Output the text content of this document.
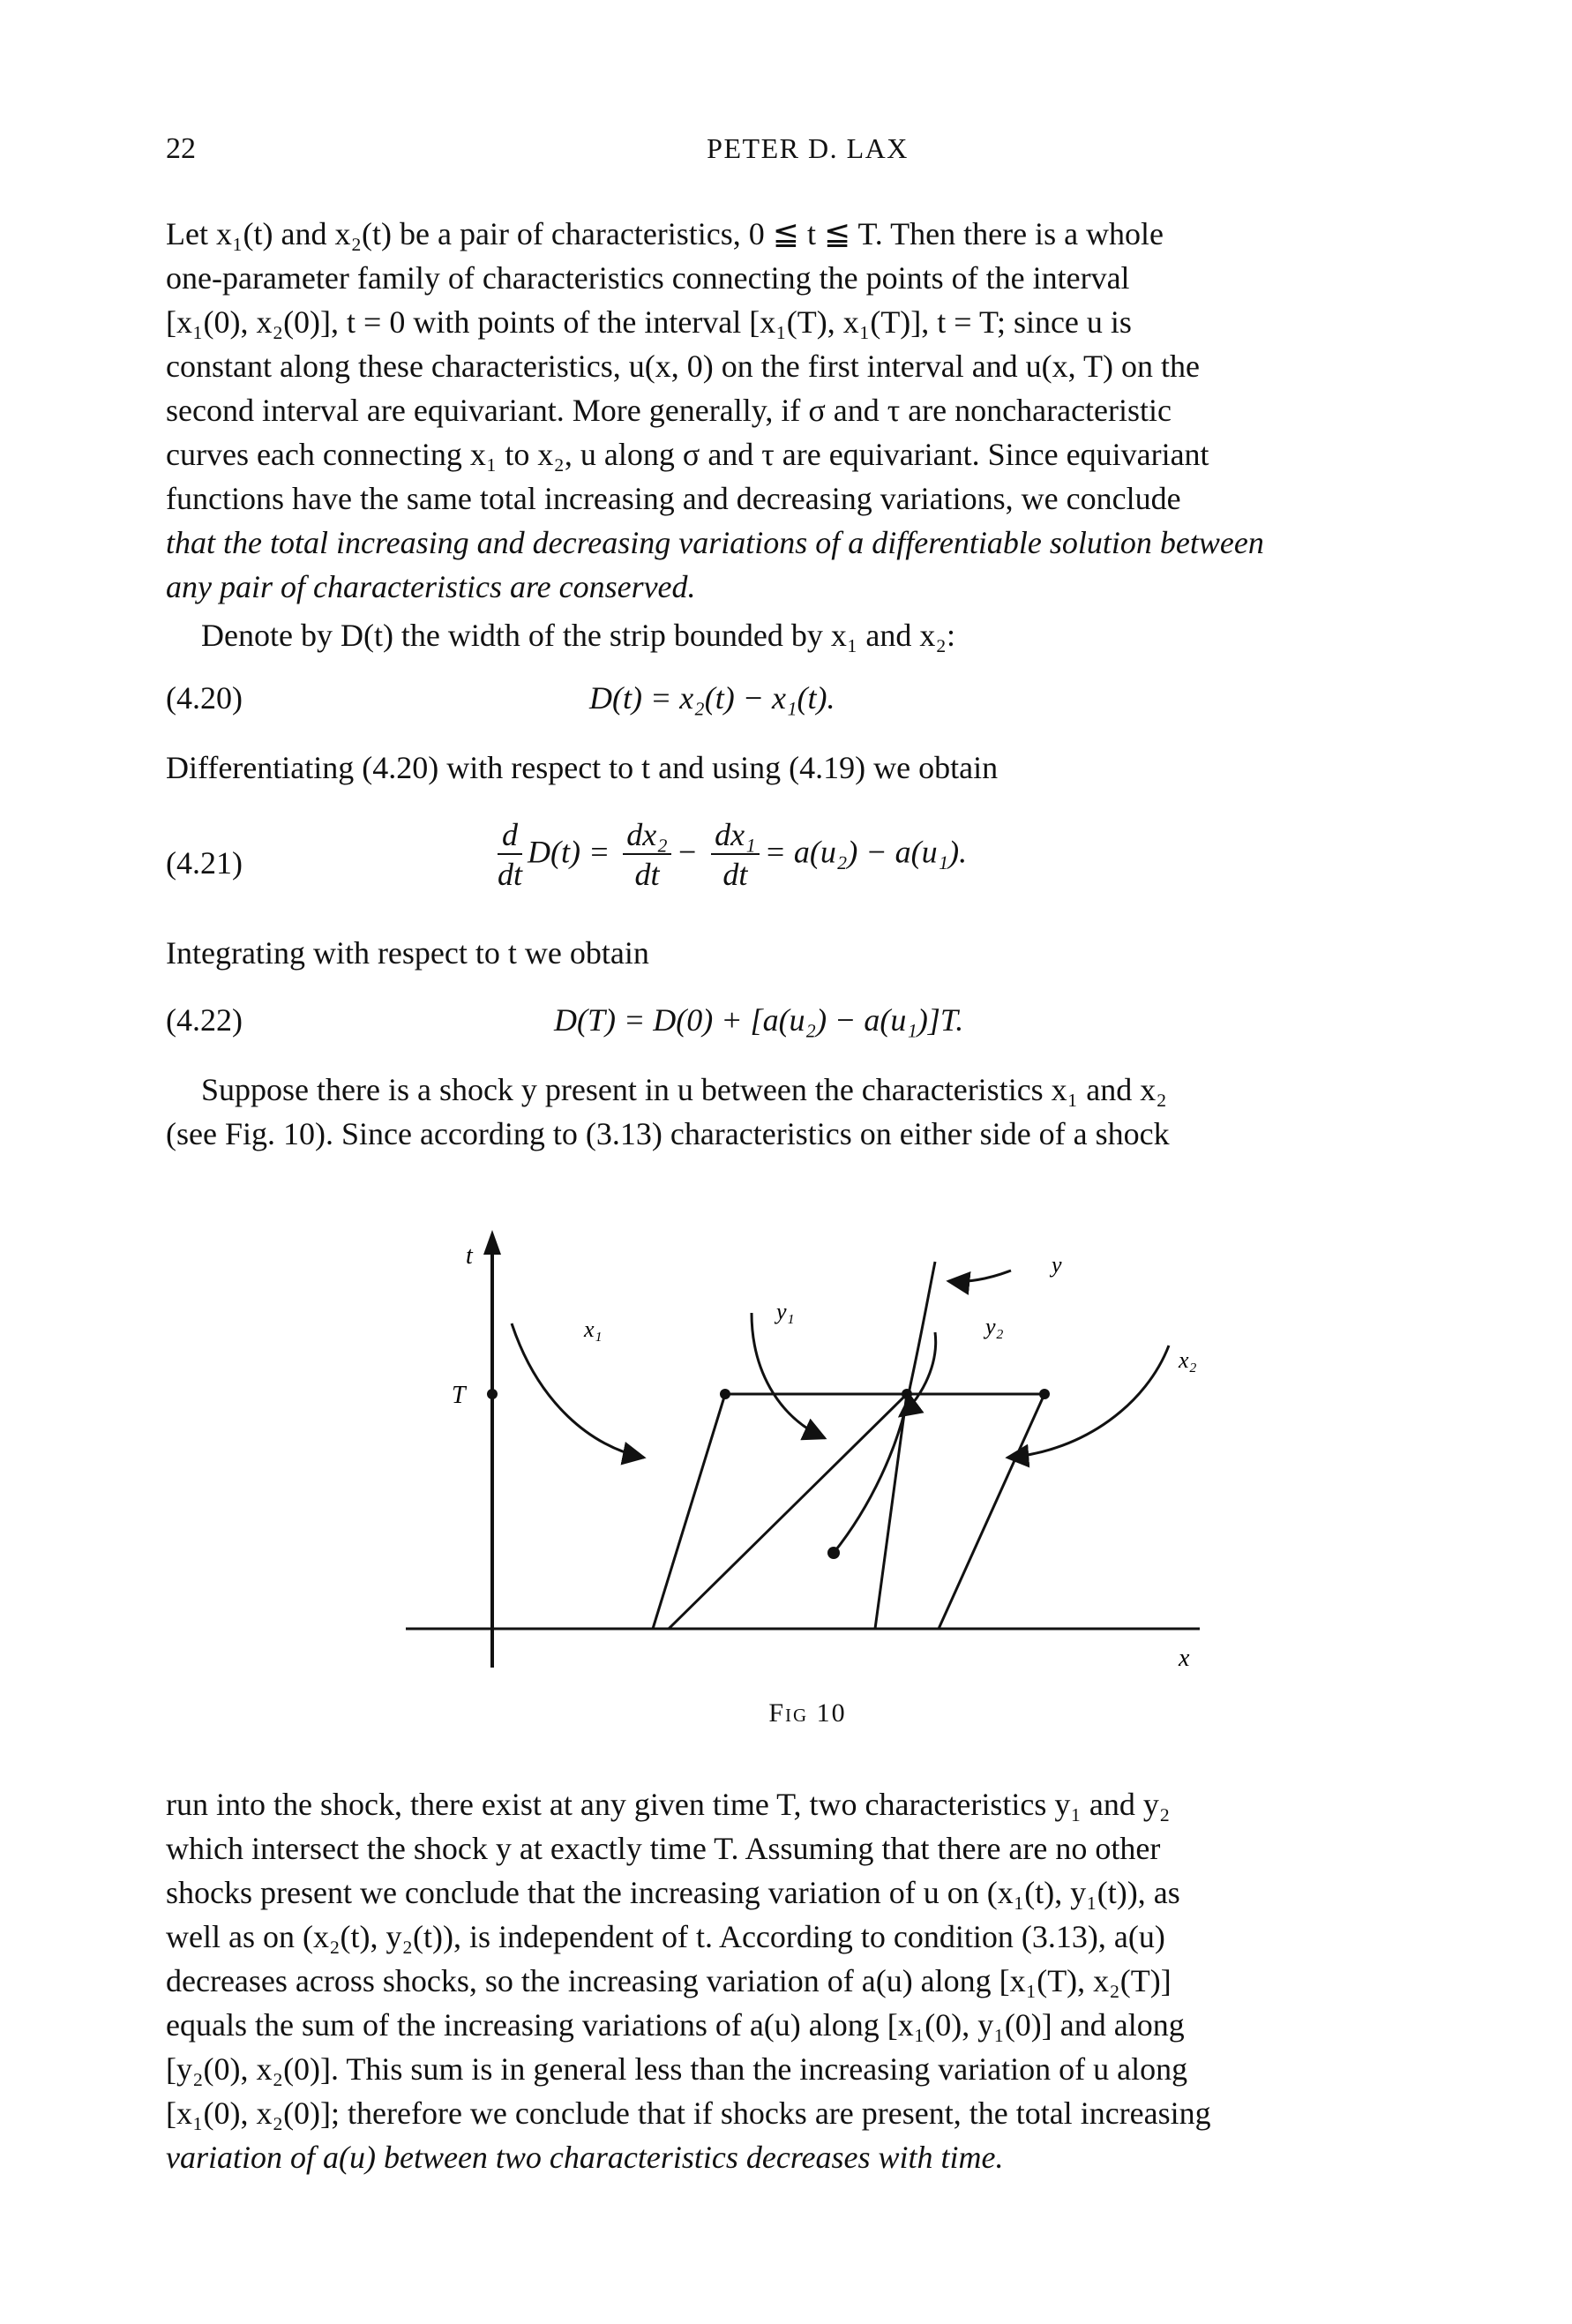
22	PETER D. LAX

Let x₁(t) and x₂(t) be a pair of characteristics, 0 ≦ t ≦ T. Then there is a whole
one-parameter family of characteristics connecting the points of the interval
[x₁(0), x₂(0)], t = 0 with points of the interval [x₁(T), x₁(T)], t = T; since u is
constant along these characteristics, u(x, 0) on the first interval and u(x, T) on the
second interval are equivariant. More generally, if σ and τ are noncharacteristic
curves each connecting x₁ to x₂, u along σ and τ are equivariant. Since equivariant
functions have the same total increasing and decreasing variations, we conclude
that the total increasing and decreasing variations of a differentiable solution between
any pair of characteristics are conserved.

Denote by D(t) the width of the strip bounded by x₁ and x₂:

(4.20)	D(t) = x₂(t) − x₁(t).

Differentiating (4.20) with respect to t and using (4.19) we obtain

(4.21)	$\frac{d}{dt} D(t) = \frac{\text{dx₂}}{dt} - \frac{\text{dx₁}}{dt} = a(u_2) - a(u_1)$.

Integrating with respect to t we obtain

(4.22)	D(T) = D(0) + [a(u₂) − a(u₁)]T.

Suppose there is a shock y present in u between the characteristics x₁ and x₂
(see Fig. 10). Since according to (3.13) characteristics on either side of a shock

t
T
x
x₁
y₁
y
y₂
x₂
Fig 10

run into the shock, there exist at any given time T, two characteristics y₁ and y₂
which intersect the shock y at exactly time T. Assuming that there are no other
shocks present we conclude that the increasing variation of u on (x₁(t), y₁(t)), as
well as on (x₂(t), y₂(t)), is independent of t. According to condition (3.13), a(u)
decreases across shocks, so the increasing variation of a(u) along [x₁(T), x₂(T)]
equals the sum of the increasing variations of a(u) along [x₁(0), y₁(0)] and along
[y₂(0), x₂(0)]. This sum is in general less than the increasing variation of u along
[x₁(0), x₂(0)]; therefore we conclude that if shocks are present, the total increasing
variation of a(u) between two characteristics decreases with time.
